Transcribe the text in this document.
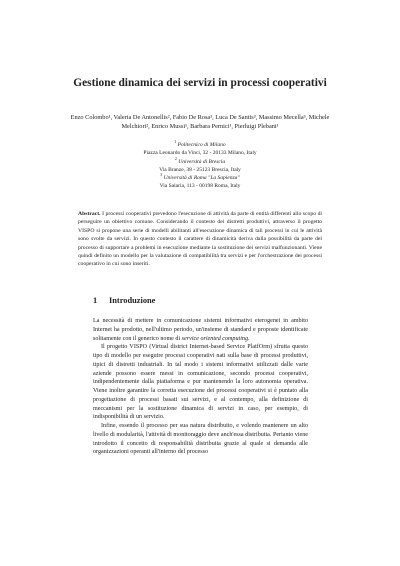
Gestione dinamica dei servizi in processi cooperativi
Enzo Colombo¹, Valeria De Antonellis², Fabio De Rosa³, Luca De Santis³, Massimo Mecella³, Michele Melchiori², Enrico Mussi¹, Barbara Pernici¹, Pierluigi Plebani¹
$^1$ Politecnico di Milano
Piazza Leonardo da Vinci, 32 - 20133 Milano, Italy
$^2$ Università di Brescia
Via Branze, 38 - 25123 Brescia, Italy
$^3$ Università di Roma "La Sapienza"
Via Salaria, 113 - 00198 Roma, Italy
Abstract. I processi cooperativi prevedono l'esecuzione di attività da parte di entità differenti allo scopo di perseguire un obiettivo comune. Considerando il contesto dei distretti produttivi, attraverso il progetto VISPO si propone una serie di modelli abilitanti all'esecuzione dinamica di tali processi in cui le attività sono svolte da servizi. In questo contesto il carattere di dinamicità deriva dalla possibilità da parte del processo di supportare a problemi in esecuzione mediante la sostituzione dei servizi malfunzionanti. Viene quindi definito un modello per la valutazione di compatibilità tra servizi e per l'orchestrazione dei processi cooperativo in cui sono inseriti.
1 Introduzione

La necessità di mettere in comunicazione sistemi informativi eterogenei in ambito Internet ha prodotto, nell'ultimo periodo, un'insieme di standard e proposte identificate solitamente con il generico nome di service oriented computing.

Il progetto VISPO (Virtual district Internet-based Service PlatfOrm) sfrutta questo tipo di modello per eseguire processi cooperativi nati sulla base di processi produttivi, tipici di distretti industriali. In tal modo i sistemi informativi utilizzati dalle varie aziende possono essere messi in comunicazione, secondo processi cooperativi, indipendentemente dalla piattaforma e pur mantenendo la loro autonomia operativa. Viene inoltre garantire la corretta esecuzione dei processi cooperativi si è puntato alla progettazione di processi basati sui servizi, e al contempo, alla definizione di meccanismi per la sostituzione dinamica di servizi in caso, per esempio, di indisponibilità di un servizio.

Infine, essendo il processo per sua natura distribuito, e volendo mantenere un alto livello di modularità, l'attività di monitoraggio deve anch'essa distribuita. Pertanto viene introdotto il concetto di responsabilità distribuita grazie al quale si demanda alle organizzazioni operanti all'interno del processo
